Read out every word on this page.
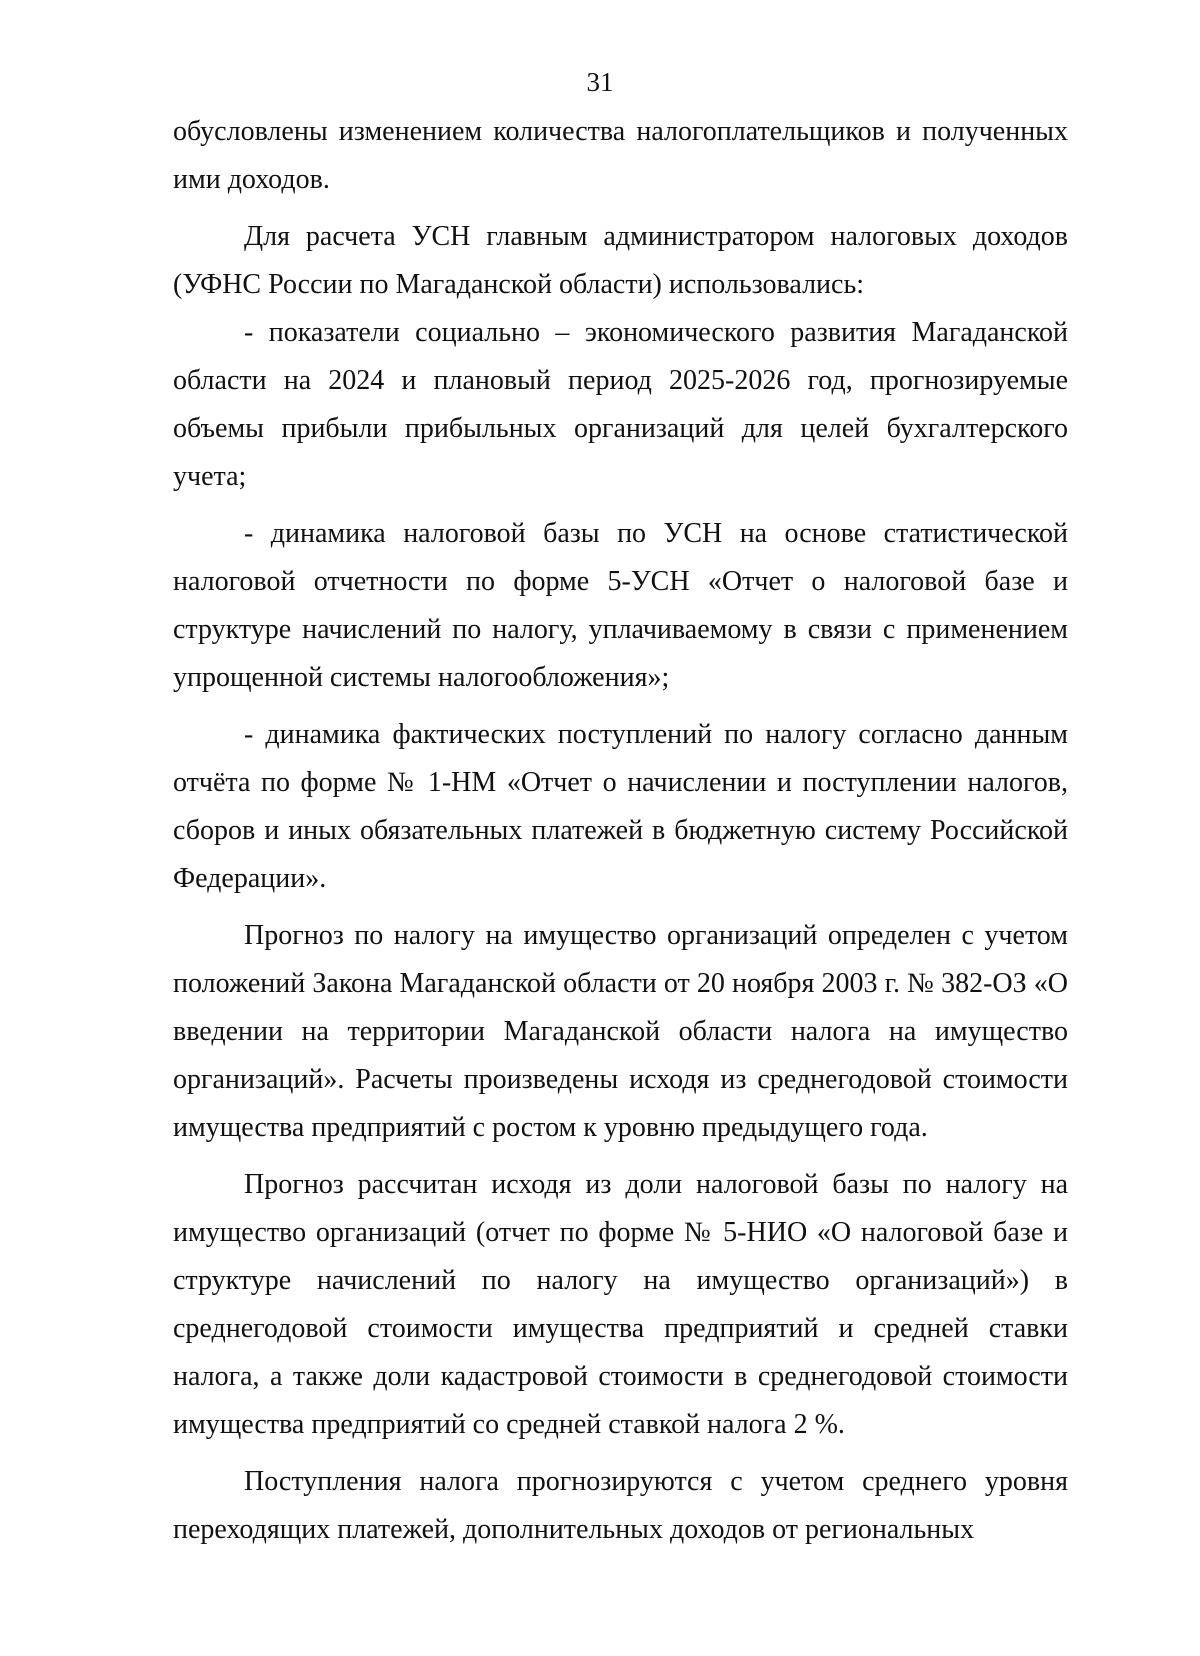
31

обусловлены изменением количества налогоплательщиков и полученных ими доходов.

Для расчета УСН главным администратором налоговых доходов (УФНС России по Магаданской области) использовались:

- показатели социально – экономического развития Магаданской области на 2024 и плановый период 2025-2026 год, прогнозируемые объемы прибыли прибыльных организаций для целей бухгалтерского учета;

- динамика налоговой базы по УСН на основе статистической налоговой отчетности по форме 5-УСН «Отчет о налоговой базе и структуре начислений по налогу, уплачиваемому в связи с применением упрощенной системы налогообложения»;

- динамика фактических поступлений по налогу согласно данным отчёта по форме № 1-НМ «Отчет о начислении и поступлении налогов, сборов и иных обязательных платежей в бюджетную систему Российской Федерации».

Прогноз по налогу на имущество организаций определен с учетом положений Закона Магаданской области от 20 ноября 2003 г. № 382-ОЗ «О введении на территории Магаданской области налога на имущество организаций». Расчеты произведены исходя из среднегодовой стоимости имущества предприятий с ростом к уровню предыдущего года.

Прогноз рассчитан исходя из доли налоговой базы по налогу на имущество организаций (отчет по форме № 5-НИО «О налоговой базе и структуре начислений по налогу на имущество организаций») в среднегодовой стоимости имущества предприятий и средней ставки налога, а также доли кадастровой стоимости в среднегодовой стоимости имущества предприятий со средней ставкой налога 2 %.

Поступления налога прогнозируются с учетом среднего уровня переходящих платежей, дополнительных доходов от региональных
